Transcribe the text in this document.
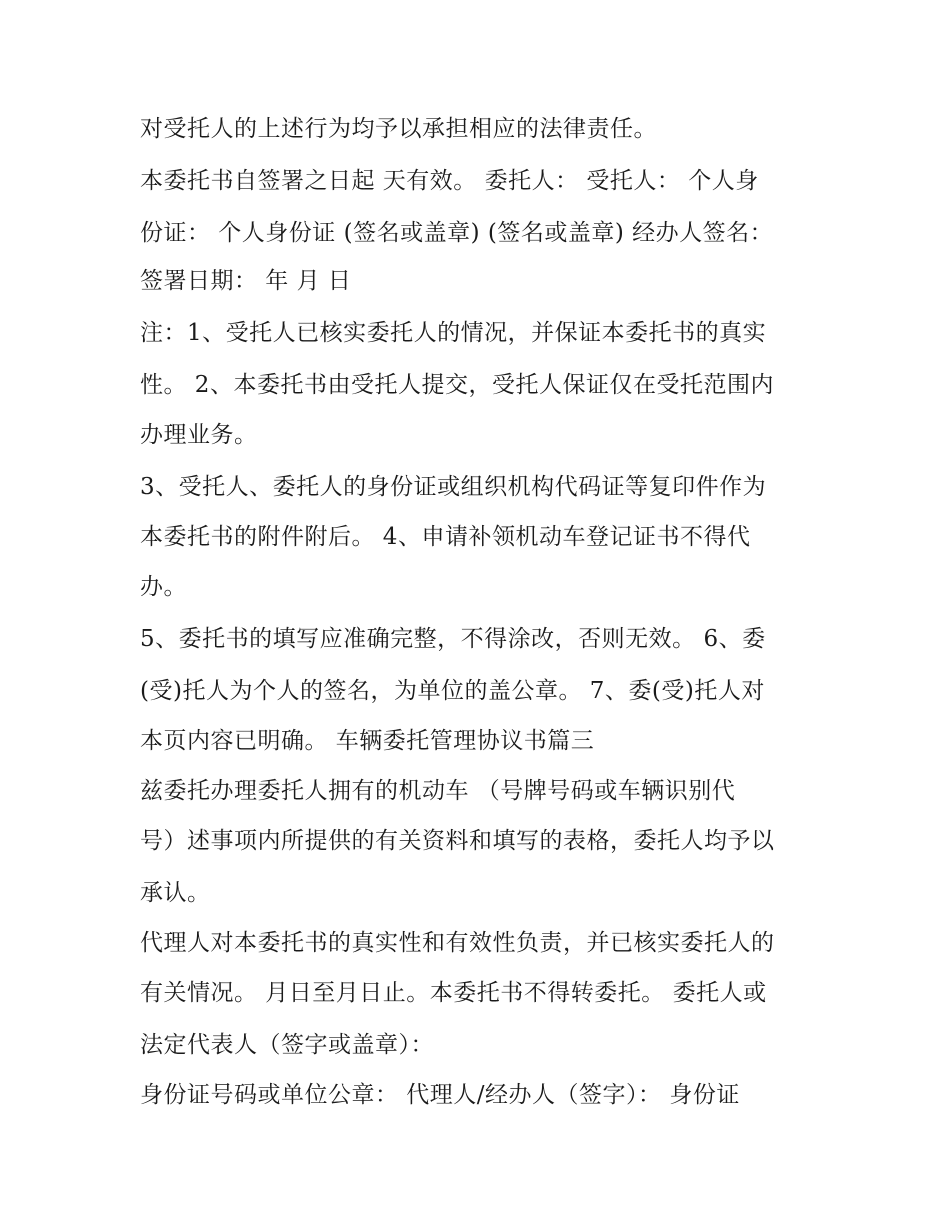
对受托人的上述行为均予以承担相应的法律责任。

本委托书自签署之日起 天有效。 委托人： 受托人： 个人身

份证： 个人身份证 (签名或盖章) (签名或盖章) 经办人签名：

签署日期： 年 月 日

注：1、受托人已核实委托人的情况，并保证本委托书的真实

性。 2、本委托书由受托人提交，受托人保证仅在受托范围内

办理业务。

3、受托人、委托人的身份证或组织机构代码证等复印件作为

本委托书的附件附后。 4、申请补领机动车登记证书不得代

办。

5、委托书的填写应准确完整，不得涂改，否则无效。 6、委

(受)托人为个人的签名，为单位的盖公章。 7、委(受)托人对

本页内容已明确。 车辆委托管理协议书篇三

兹委托办理委托人拥有的机动车 （号牌号码或车辆识别代

号）述事项内所提供的有关资料和填写的表格，委托人均予以

承认。

代理人对本委托书的真实性和有效性负责，并已核实委托人的

有关情况。 月日至月日止。本委托书不得转委托。 委托人或

法定代表人（签字或盖章）：

身份证号码或单位公章： 代理人/经办人（签字）： 身份证
